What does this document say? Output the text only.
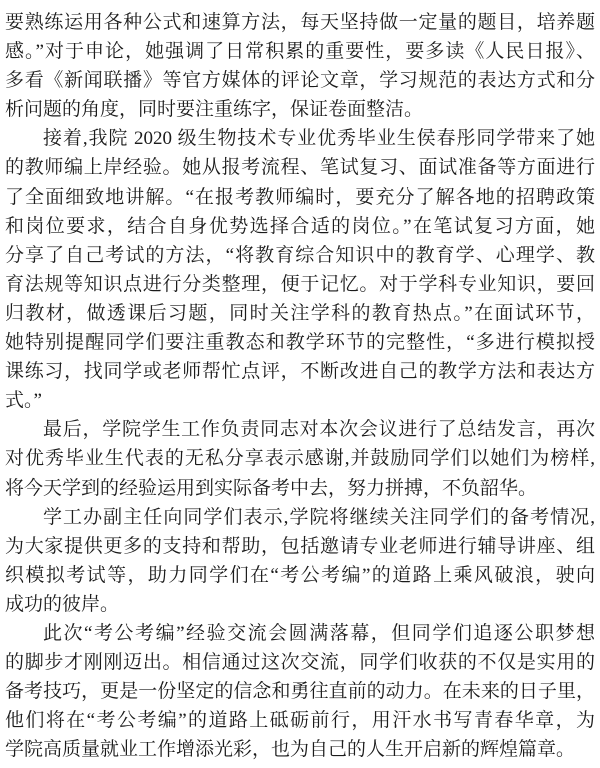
要熟练运用各种公式和速算方法，每天坚持做一定量的题目，培养题
感。”对于申论，她强调了日常积累的重要性，要多读《人民日报》、
多看《新闻联播》等官方媒体的评论文章，学习规范的表达方式和分
析问题的角度，同时要注重练字，保证卷面整洁。
接着,我院 2020 级生物技术专业优秀毕业生侯春彤同学带来了她
的教师编上岸经验。她从报考流程、笔试复习、面试准备等方面进行
了全面细致地讲解。“在报考教师编时，要充分了解各地的招聘政策
和岗位要求，结合自身优势选择合适的岗位。”在笔试复习方面，她
分享了自己考试的方法，“将教育综合知识中的教育学、心理学、教
育法规等知识点进行分类整理，便于记忆。对于学科专业知识，要回
归教材，做透课后习题，同时关注学科的教育热点。”在面试环节，
她特别提醒同学们要注重教态和教学环节的完整性，“多进行模拟授
课练习，找同学或老师帮忙点评，不断改进自己的教学方法和表达方
式。”
最后，学院学生工作负责同志对本次会议进行了总结发言，再次
对优秀毕业生代表的无私分享表示感谢,并鼓励同学们以她们为榜样,
将今天学到的经验运用到实际备考中去，努力拼搏，不负韶华。
学工办副主任向同学们表示,学院将继续关注同学们的备考情况,
为大家提供更多的支持和帮助，包括邀请专业老师进行辅导讲座、组
织模拟考试等，助力同学们在“考公考编”的道路上乘风破浪，驶向
成功的彼岸。
此次“考公考编”经验交流会圆满落幕，但同学们追逐公职梦想
的脚步才刚刚迈出。相信通过这次交流，同学们收获的不仅是实用的
备考技巧，更是一份坚定的信念和勇往直前的动力。在未来的日子里，
他们将在“考公考编”的道路上砥砺前行，用汗水书写青春华章，为
学院高质量就业工作增添光彩，也为自己的人生开启新的辉煌篇章。
